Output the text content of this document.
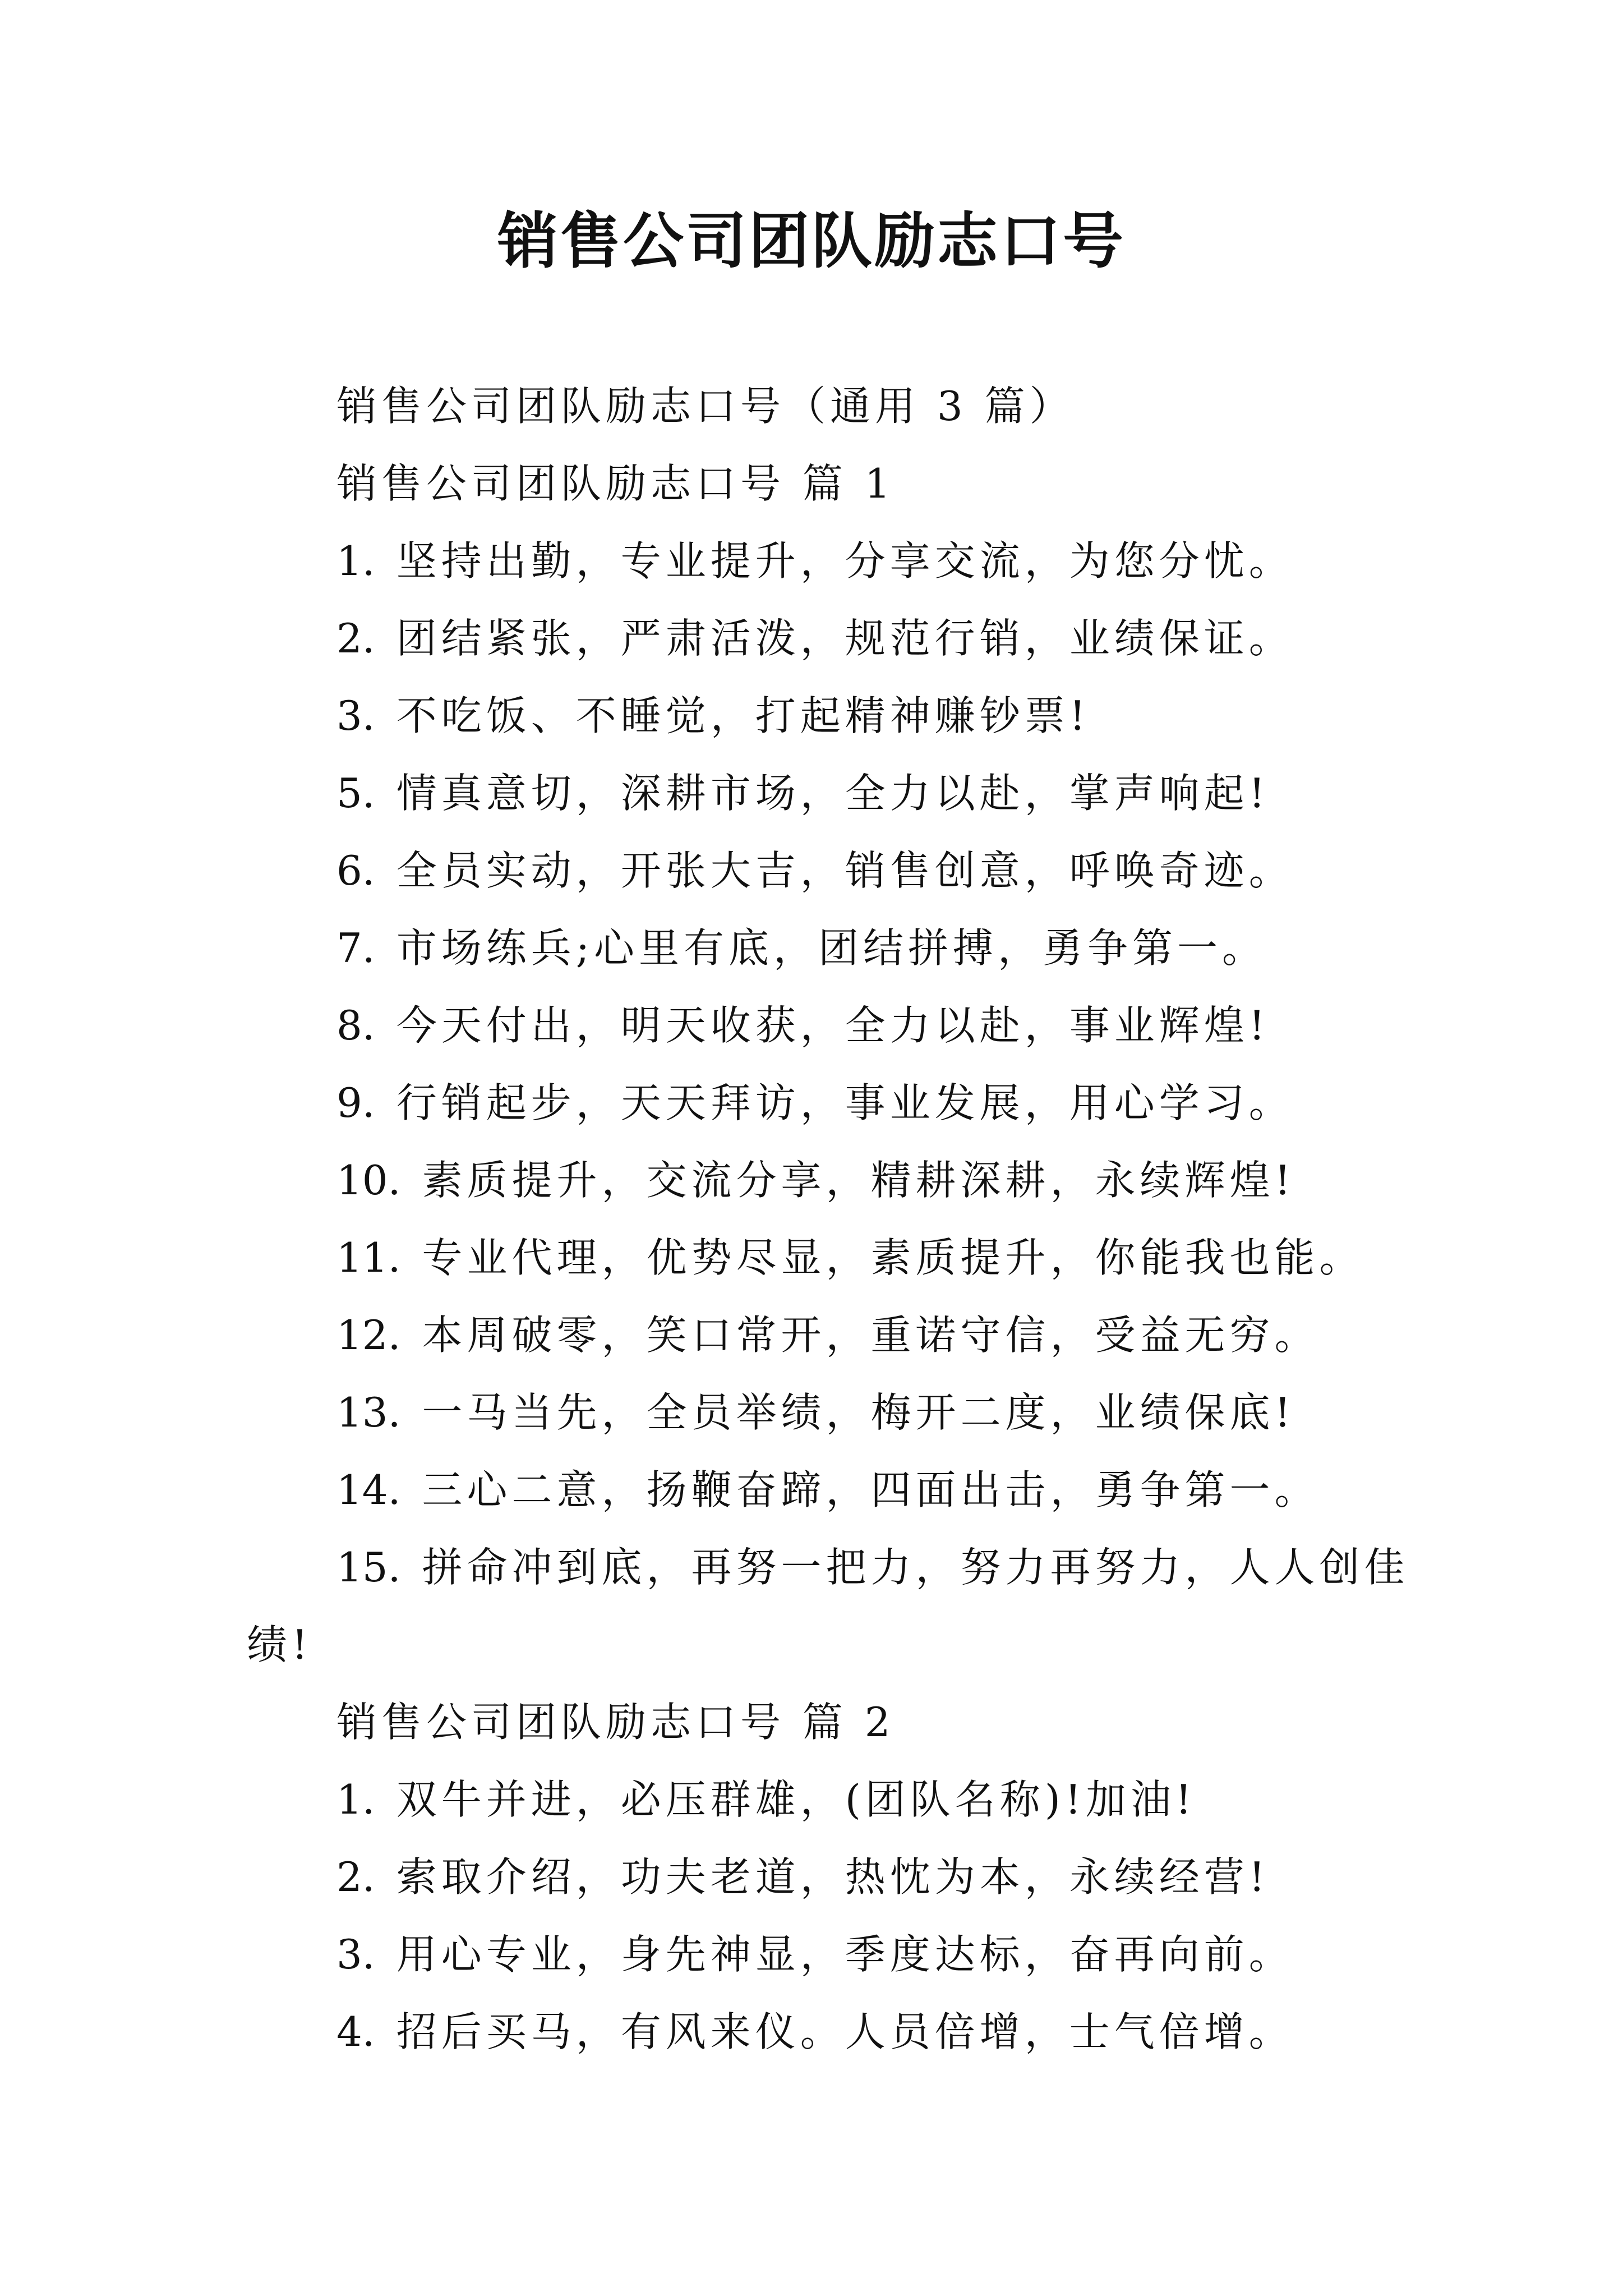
销售公司团队励志口号
销售公司团队励志口号（通用 3 篇）
销售公司团队励志口号 篇 1
1. 坚持出勤，专业提升，分享交流，为您分忧。
2. 团结紧张，严肃活泼，规范行销，业绩保证。
3. 不吃饭、不睡觉，打起精神赚钞票!
5. 情真意切，深耕市场，全力以赴，掌声响起!
6. 全员实动，开张大吉，销售创意，呼唤奇迹。
7. 市场练兵;心里有底，团结拼搏，勇争第一。
8. 今天付出，明天收获，全力以赴，事业辉煌!
9. 行销起步，天天拜访，事业发展，用心学习。
10. 素质提升，交流分享，精耕深耕，永续辉煌!
11. 专业代理，优势尽显，素质提升，你能我也能。
12. 本周破零，笑口常开，重诺守信，受益无穷。
13. 一马当先，全员举绩，梅开二度，业绩保底!
14. 三心二意，扬鞭奋蹄，四面出击，勇争第一。
15. 拼命冲到底，再努一把力，努力再努力，人人创佳
绩!
销售公司团队励志口号 篇 2
1. 双牛并进，必压群雄，(团队名称)!加油!
2. 索取介绍，功夫老道，热忱为本，永续经营!
3. 用心专业，身先神显，季度达标，奋再向前。
4. 招后买马，有风来仪。人员倍增，士气倍增。
